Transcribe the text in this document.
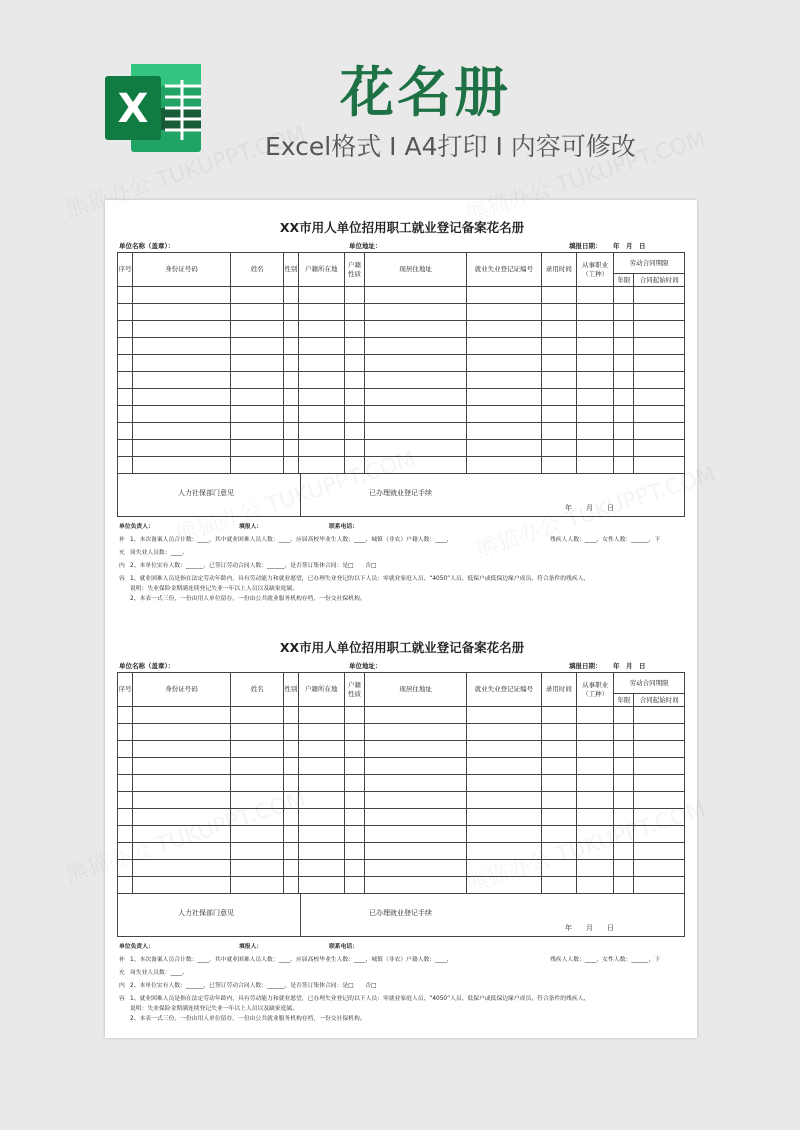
X	花名册
Excel格式 I A4打印 I 内容可修改
XX市用人单位招用职工就业登记备案花名册
单位名称（盖章）：	单位地址：	填报日期： 年 月 日
序号	身份证号码	姓名	性别	户籍所在地	户籍性质	现居住地址	就业失业登记证编号	录用时间	从事职业（工种）	劳动合同期限	
										年限	合同起始时间

人力社保部门意见	已办理就业登记手续
年　　月　　日
单位负责人：	填报人：	联系电话：
补
充
内
容
1、本次备案人员合计数：____，其中就业困难人员人数：____，应届高校毕业生人数：____，城镇（非农）户籍人数：____，	残疾人人数：____，女性人数：______，下
岗失业人员数：____。
2、本单位实有人数：______，已签订劳动合同人数：______，是否签订集体合同：是□　　否□
1、就业困难人员是指在法定劳动年龄内，具有劳动能力和就业愿望，已办理失业登记的以下人员：零就业家庭人员、“4050”人员、低保户或低保边缘户成员、符合条件的残疾人、
说明：失业保险金期满连续登记失业一年以上人员以及缺家庭属。
2、本表一式三份，一份由用人单位留存，一份由公共就业服务机构存档，一份交社保机构。
XX市用人单位招用职工就业登记备案花名册
单位名称（盖章）：	单位地址：	填报日期： 年 月 日
序号	身份证号码	姓名	性别	户籍所在地	户籍性质	现居住地址	就业失业登记证编号	录用时间	从事职业（工种）	劳动合同期限	
										年限	合同起始时间

人力社保部门意见	已办理就业登记手续
年　　月　　日
单位负责人：	填报人：	联系电话：
补
充
内
容
1、本次备案人员合计数：____，其中就业困难人员人数：____，应届高校毕业生人数：____，城镇（非农）户籍人数：____，	残疾人人数：____，女性人数：______，下
岗失业人员数：____。
2、本单位实有人数：______，已签订劳动合同人数：______，是否签订集体合同：是□　　否□
1、就业困难人员是指在法定劳动年龄内，具有劳动能力和就业愿望，已办理失业登记的以下人员：零就业家庭人员、“4050”人员、低保户或低保边缘户成员、符合条件的残疾人、
说明：失业保险金期满连续登记失业一年以上人员以及缺家庭属。
2、本表一式三份，一份由用人单位留存，一份由公共就业服务机构存档，一份交社保机构。
